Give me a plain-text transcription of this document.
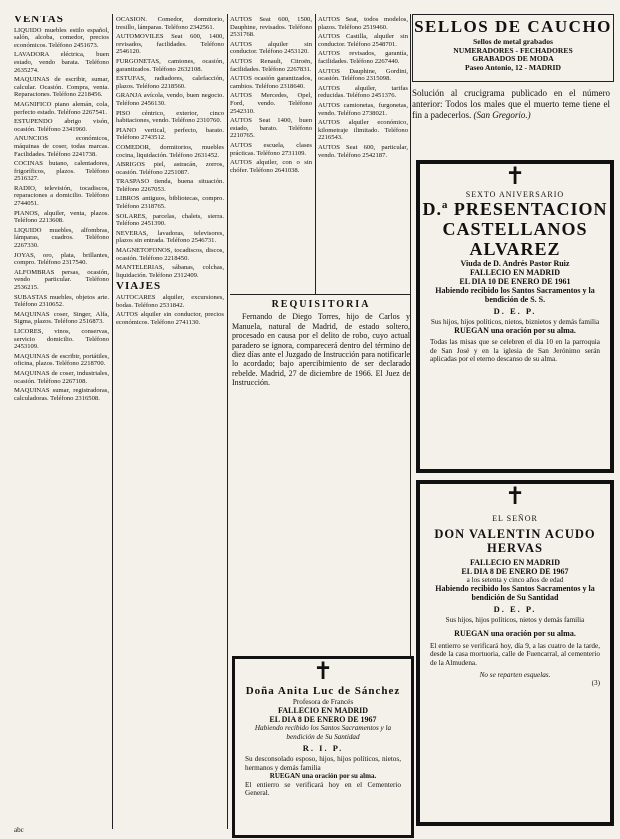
VENTAS

LIQUIDO muebles estilo español, salón, alcoba, comedor, precios económicos. Teléfono 2451673.

LAVADORA eléctrica, buen estado, vendo barata. Teléfono 2635274.

MAQUINAS de escribir, sumar, calcular. Ocasión. Compra, venta. Reparaciones. Teléfono 2218456.

MAGNIFICO piano alemán, cola, perfecto estado. Teléfono 2267541.

ESTUPENDO abrigo visón, ocasión. Teléfono 2341960.

ANUNCIOS económicos, máquinas de coser, todas marcas. Facilidades. Teléfono 2241738.

COCINAS butano, calentadores, frigoríficos, plazos. Teléfono 2516327.

RADIO, televisión, tocadiscos, reparaciones a domicilio. Teléfono 2744051.

PIANOS, alquiler, venta, plazos. Teléfono 2213608.

LIQUIDO muebles, alfombras, lámparas, cuadros. Teléfono 2267330.

JOYAS, oro, plata, brillantes, compro. Teléfono 2317540.

ALFOMBRAS persas, ocasión, vendo particular. Teléfono 2536215.

SUBASTAS muebles, objetos arte. Teléfono 2310652.

MAQUINAS coser, Singer, Alfa, Sigma, plazos. Teléfono 2516873.

LICORES, vinos, conservas, servicio domicilio. Teléfono 2453109.

MAQUINAS de escribir, portátiles, oficina, plazos. Teléfono 2218700.

MAQUINAS de coser, industriales, ocasión. Teléfono 2267108.

MAQUINAS sumar, registradoras, calculadoras. Teléfono 2316508.

OCASION. Comedor, dormitorio, tresillo, lámparas. Teléfono 2342561.

AUTOMOVILES Seat 600, 1400, revisados, facilidades. Teléfono 2546120.

FURGONETAS, camiones, ocasión, garantizados. Teléfono 2632108.

ESTUFAS, radiadores, calefacción, plazos. Teléfono 2218560.

GRANJA avícola, vendo, buen negocio. Teléfono 2456130.

PISO céntrico, exterior, cinco habitaciones, vendo. Teléfono 2310760.

PIANO vertical, perfecto, barato. Teléfono 2743512.

COMEDOR, dormitorios, muebles cocina, liquidación. Teléfono 2631452.

ABRIGOS piel, astracán, zorros, ocasión. Teléfono 2251087.

TRASPASO tienda, buena situación. Teléfono 2267053.

LIBROS antiguos, bibliotecas, compro. Teléfono 2318765.

SOLARES, parcelas, chalets, sierra. Teléfono 2451390.

NEVERAS, lavadoras, televisores, plazos sin entrada. Teléfono 2546731.

MAGNETOFONOS, tocadiscos, discos, ocasión. Teléfono 2218450.

MANTELERIAS, sábanas, colchas, liquidación. Teléfono 2312409.

VIAJES

AUTOCARES alquiler, excursiones, bodas. Teléfono 2531842.

AUTOS alquiler sin conductor, precios económicos. Teléfono 2741130.

AUTOS Seat 600, 1500, Dauphine, revisados. Teléfono 2531768.

AUTOS alquiler sin conductor. Teléfono 2453120.

AUTOS Renault, Citroën, facilidades. Teléfono 2267831.

AUTOS ocasión garantizados, cambios. Teléfono 2318640.

AUTOS Mercedes, Opel, Ford, vendo. Teléfono 2542310.

AUTOS Seat 1400, buen estado, barato. Teléfono 2210765.

AUTOS escuela, clases prácticas. Teléfono 2731109.

AUTOS alquiler, con o sin chófer. Teléfono 2641038.

AUTOS Seat, todos modelos, plazos. Teléfono 2519460.

AUTOS Castilla, alquiler sin conductor. Teléfono 2548701.

AUTOS revisados, garantía, facilidades. Teléfono 2267440.

AUTOS Dauphine, Gordini, ocasión. Teléfono 2315098.

AUTOS alquiler, tarifas reducidas. Teléfono 2451376.

AUTOS camionetas, furgonetas, vendo. Teléfono 2738021.

AUTOS alquiler económico, kilometraje ilimitado. Teléfono 2216543.

AUTOS Seat 600, particular, vendo. Teléfono 2542187.

REQUISITORIA

Fernando de Diego Torres, hijo de Carlos y Manuela, natural de Madrid, de estado soltero, procesado en causa por el delito de robo, cuyo actual paradero se ignora, comparecerá dentro del término de diez días ante el Juzgado de Instrucción para notificarle lo acordado; bajo apercibimiento de ser declarado rebelde. Madrid, 27 de diciembre de 1966. El Juez de Instrucción.

SELLOS DE CAUCHO
Sellos de metal grabados
NUMERADORES - FECHADORES
GRABADOS DE MODA
Paseo Antonio, 12 - MADRID
Solución al crucigrama publicado en el número anterior: Todos los males que el muerto teme tiene el fin a padecerlos. (San Gregorio.)
✝
SEXTO ANIVERSARIO
D.ª PRESENTACION
CASTELLANOS
ALVAREZ
Viuda de D. Andrés Pastor Ruiz
FALLECIO EN MADRID
EL DIA 10 DE ENERO DE 1961
Habiendo recibido los Santos Sacramentos y la bendición de S. S.
D. E. P.
Sus hijos, hijos políticos, nietos, biznietos y demás familia
RUEGAN una oración por su alma.
Todas las misas que se celebren el día 10 en la parroquia de San José y en la iglesia de San Jerónimo serán aplicadas por el eterno descanso de su alma.
✝
EL SEÑOR
DON VALENTIN ACUDO
HERVAS
FALLECIO EN MADRID
EL DIA 8 DE ENERO DE 1967
a los setenta y cinco años de edad
Habiendo recibido los Santos Sacramentos y la bendición de Su Santidad
D. E. P.
Sus hijos, hijos políticos, nietos y demás familia
RUEGAN una oración por su alma.
El entierro se verificará hoy, día 9, a las cuatro de la tarde, desde la casa mortuoria, calle de Fuencarral, al cementerio de la Almudena.
No se reparten esquelas.
(3)
✝
Doña Anita Luc de Sánchez
Profesora de Francés
FALLECIO EN MADRID
EL DIA 8 DE ENERO DE 1967
Habiendo recibido los Santos Sacramentos y la bendición de Su Santidad
R. I. P.
Su desconsolado esposo, hijos, hijos políticos, nietos, hermanos y demás familia
RUEGAN una oración por su alma.
El entierro se verificará hoy en el Cementerio General.
abc
